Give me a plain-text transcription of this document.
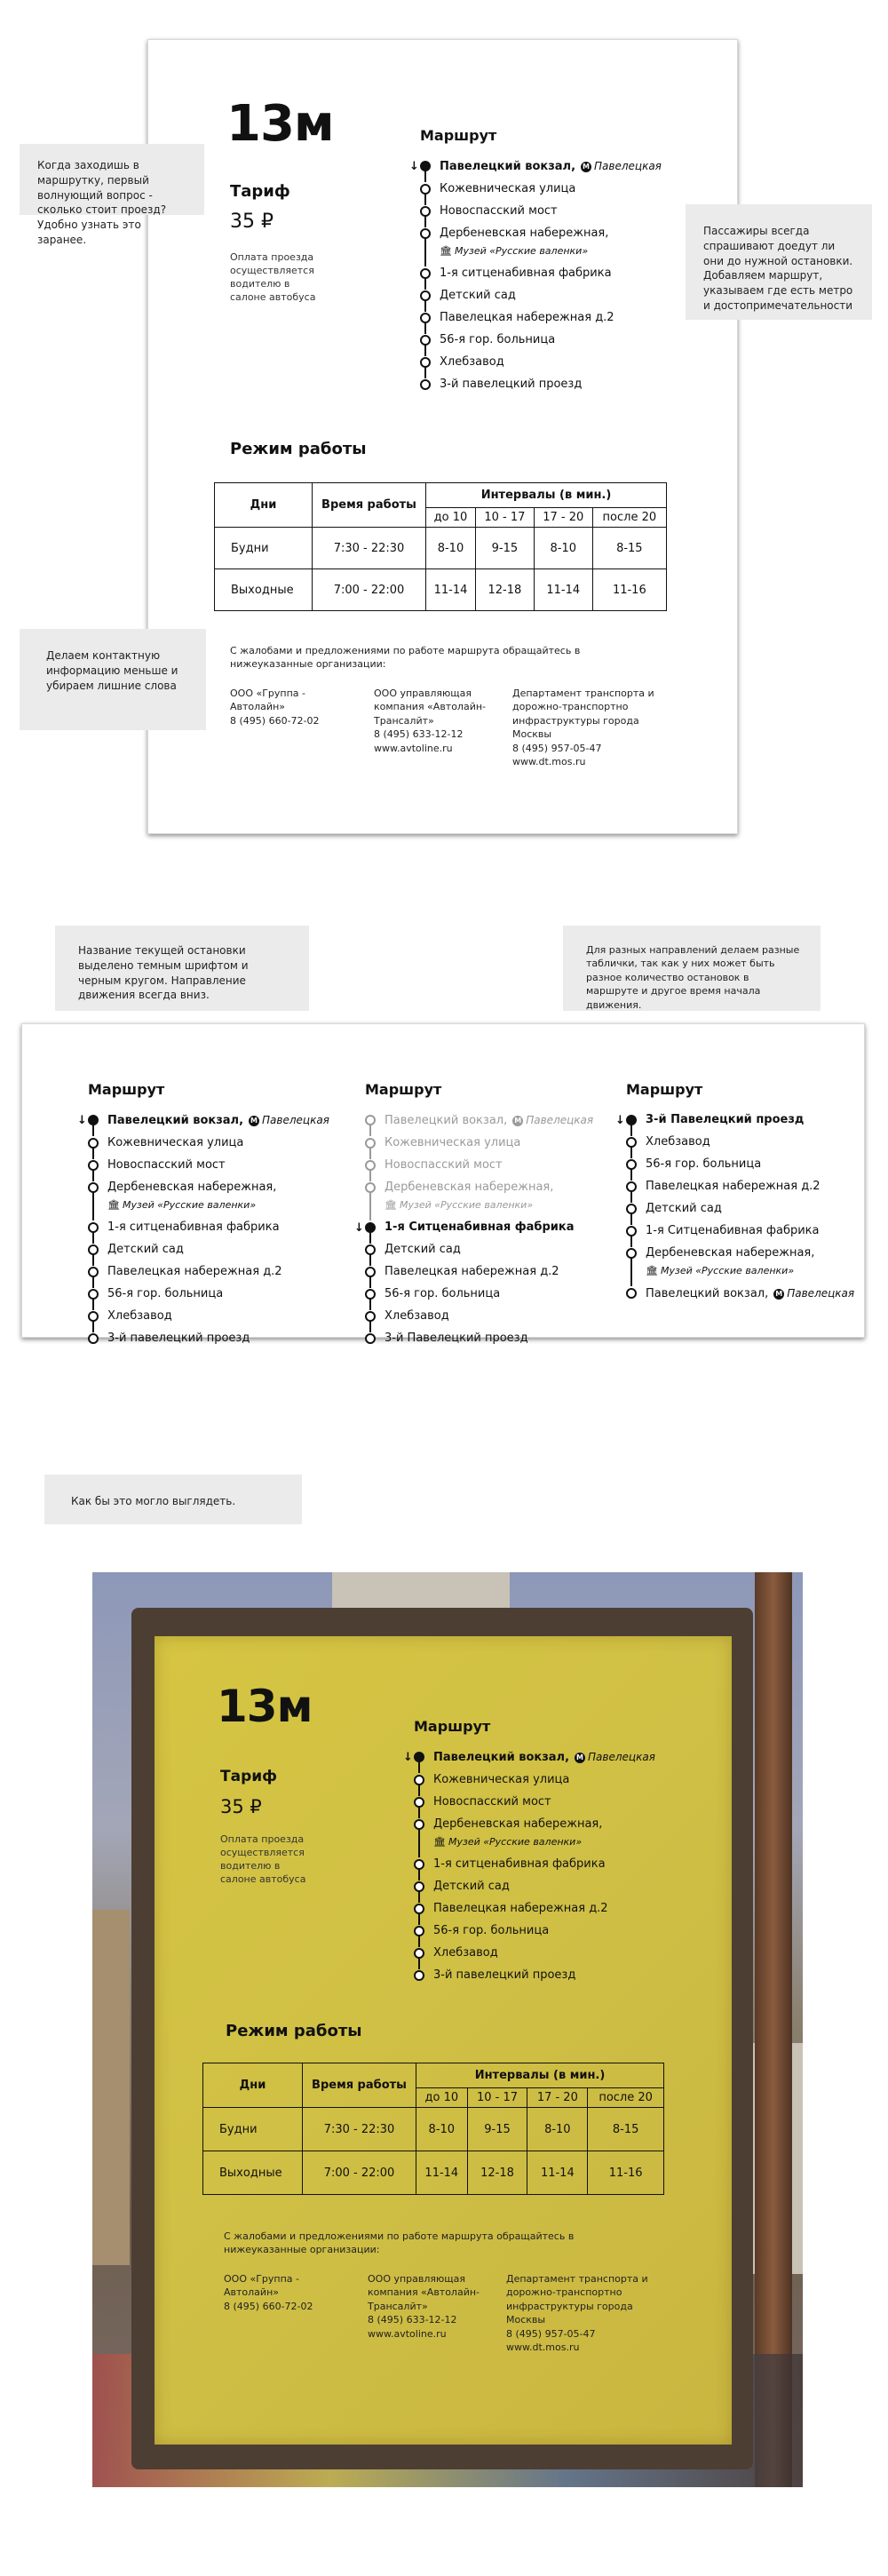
13м
Тариф
35 ₽
Оплата проезда осуществляется водителю в салоне автобуса
Маршрут
↓ Павелецкий вокзал, М Павелецкая
Кожевническая улица
Новоспасский мост
Дербеневская набережная,
🏛 Музей «Русские валенки»
1-я ситценабивная фабрика
Детский сад
Павелецкая набережная д.2
56-я гор. больница
Хлебзавод
3-й павелецкий проезд
Режим работы
Дни	Время работы	Интервалы (в мин.)			
		до 10	10 - 17	17 - 20	после 20
Будни	7:30 - 22:30	8-10	9-15	8-10	8-15
Выходные	7:00 - 22:00	11-14	12-18	11-14	11-16
С жалобами и предложениями по работе маршрута обращайтесь в нижеуказанные организации:
ООО «Группа - Автолайн»
8 (495) 660-72-02
ООО управляющая компания «Автолайн-Трансалйт»
8 (495) 633-12-12
www.avtoline.ru
Департамент транспорта и дорожно-транспортно инфраструктуры города Москвы
8 (495) 957-05-47
www.dt.mos.ru
Когда заходишь в маршрутку, первый волнующий вопрос - сколько стоит проезд? Удобно узнать это заранее.
Пассажиры всегда спрашивают доедут ли они до нужной остановки. Добавляем маршрут, указываем где есть метро и достопримечательности
Делаем контактную информацию меньше и убираем лишние слова
Маршрут
↓ Павелецкий вокзал, М Павелецкая
Кожевническая улица
Новоспасский мост
Дербеневская набережная,
🏛 Музей «Русские валенки»
1-я ситценабивная фабрика
Детский сад
Павелецкая набережная д.2
56-я гор. больница
Хлебзавод
3-й павелецкий проезд
Маршрут
Павелецкий вокзал, М Павелецкая
Кожевническая улица
Новоспасский мост
Дербеневская набережная,
🏛 Музей «Русские валенки»
↓ 1-я Ситценабивная фабрика
Детский сад
Павелецкая набережная д.2
56-я гор. больница
Хлебзавод
3-й Павелецкий проезд
Маршрут
↓ 3-й Павелецкий проезд
Хлебзавод
56-я гор. больница
Павелецкая набережная д.2
Детский сад
1-я Ситценабивная фабрика
Дербеневская набережная,
🏛 Музей «Русские валенки»
Павелецкий вокзал, М Павелецкая
Название текущей остановки выделено темным шрифтом и черным кругом. Направление движения всегда вниз.
Для разных направлений делаем разные таблички, так как у них может быть разное количество остановок в маршруте и другое время начала движения.
Как бы это могло выглядеть.
13м
Тариф
35 ₽
Оплата проезда осуществляется водителю в салоне автобуса
Маршрут
↓ Павелецкий вокзал, М Павелецкая
Кожевническая улица
Новоспасский мост
Дербеневская набережная,
🏛 Музей «Русские валенки»
1-я ситценабивная фабрика
Детский сад
Павелецкая набережная д.2
56-я гор. больница
Хлебзавод
3-й павелецкий проезд
Режим работы
Дни	Время работы	Интервалы (в мин.)			
		до 10	10 - 17	17 - 20	после 20
Будни	7:30 - 22:30	8-10	9-15	8-10	8-15
Выходные	7:00 - 22:00	11-14	12-18	11-14	11-16
С жалобами и предложениями по работе маршрута обращайтесь в нижеуказанные организации:
ООО «Группа - Автолайн»
8 (495) 660-72-02
ООО управляющая компания «Автолайн-Трансалйт»
8 (495) 633-12-12
www.avtoline.ru
Департамент транспорта и дорожно-транспортно инфраструктуры города Москвы
8 (495) 957-05-47
www.dt.mos.ru
